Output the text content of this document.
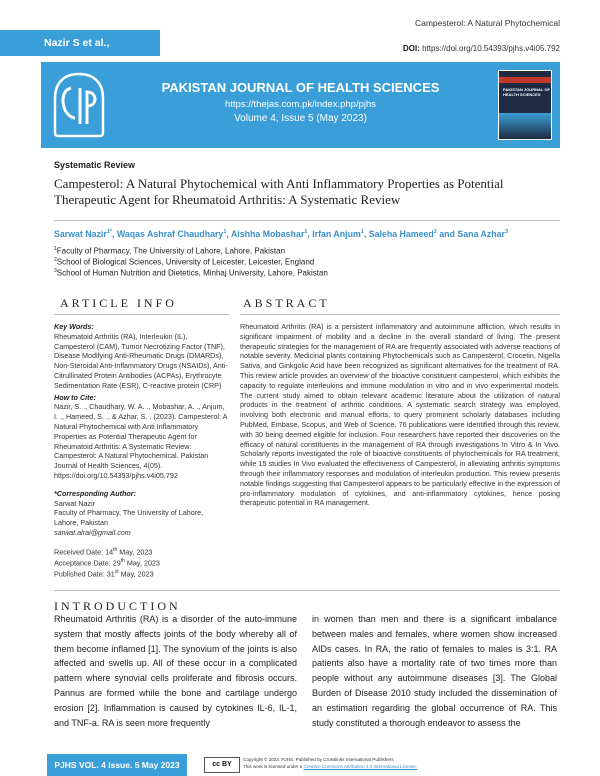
Nazir S et al.,
Campesterol: A Natural Phytochemical
DOI: https://doi.org/10.54393/pjhs.v4i05.792
PAKISTAN JOURNAL OF HEALTH SCIENCES
https://thejas.com.pk/index.php/pjhs
Volume 4, Issue 5 (May 2023)
PAKISTAN JOURNAL OF HEALTH SCIENCES
Systematic Review
Campesterol: A Natural Phytochemical with Anti Inflammatory Properties as Potential Therapeutic Agent for Rheumatoid Arthritis: A Systematic Review
Sarwat Nazir$^{1*}$, Waqas Ashraf Chaudhary$^1$, Aishha Mobashar$^1$, Irfan Anjum$^1$, Saleha Hameed$^2$ and Sana Azhar$^3$
$^1$Faculty of Pharmacy, The University of Lahore, Lahore, Pakistan
$^2$School of Biological Sciences, University of Leicester, Leicester, England
$^3$School of Human Nutrition and Dietetics, Minhaj University, Lahore, Pakistan
ARTICLE INFO	ABSTRACT
Key Words:
Rheumatoid Arthritis (RA), Interleukin (IL), Campesterol (CAM), Tumor Necrotizing Factor (TNF), Disease Modifying Anti-Rheumatic Drugs (DMARDs), Non-Steroidal Anti-Inflammatory Drugs (NSAIDs), Anti-Citrullinated Protein Antibodies (ACPAs), Erythrocyte Sedimentation Rate (ESR), C-reactive protein (CRP)
How to Cite:
Nazir, S. ., Chaudhary, W. A. ., Mobashar, A. ., Anjum, I. ., Hameed, S. ., & Azhar, S. . (2023). Campesterol: A Natural Phytochemical with Anti Inflammatory Properties as Potential Therapeutic Agent for Rheumatoid Arthritis: A Systematic Review: Campesterol: A Natural Phytochemical. Pakistan Journal of Health Sciences, 4(05). https://doi.org/10.54393/pjhs.v4i05.792
*Corresponding Author:
Sarwat Nazir
Faculty of Pharmacy, The University of Lahore, Lahore, Pakistan
sarwat.alrai@gmail.com
Received Date: 14th May, 2023
Acceptance Date: 29th May, 2023
Published Date: 31st May, 2023
Rheumatoid Arthritis (RA) is a persistent inflammatory and autoimmune affliction, which results in significant impairment of mobility and a decline in the overall standard of living. The present therapeutic strategies for the management of RA are frequently associated with adverse reactions of notable severity. Medicinal plants containing Phytochemicals such as Campesterol, Crocetin, Nigella Sativa, and Ginkgolic Acid have been recognized as significant alternatives for the treatment of RA. This review article provides an overview of the bioactive constituent campesterol, which exhibits the capacity to regulate interleukins and immune modulation in vitro and in vivo experimental models. The current study aimed to obtain relevant academic literature about the utilization of natural products in the treatment of arthritic conditions. A systematic search strategy was employed, involving both electronic and manual efforts, to query prominent scholarly databases including PubMed, Embase, Scopus, and Web of Science. 76 publications were identified through this review, with 30 being deemed eligible for inclusion. Four researchers have reported their discoveries on the efficacy of natural constituents in the management of RA through investigations In Vitro & In Vivo. Scholarly reports investigated the role of bioactive constituents of phytochemicals for RA treatment, while 15 studies In Vivo evaluated the effectiveness of Campesterol, in alleviating arthritis symptoms through their inflammatory responses and modulation of interleukin production. This review presents notable findings suggesting that Campesterol appears to be particularly effective in the expression of pro-inflammatory modulation of cytokines, and anti-inflammatory cytokines, hence posing therapeutic potential in RA management.
INTRODUCTION
Rheumatoid Arthritis (RA) is a disorder of the auto-immune system that mostly affects joints of the body whereby all of them become inflamed [1]. The synovium of the joints is also affected and swells up. All of these occur in a complicated pattern where synovial cells proliferate and fibrosis occurs. Pannus are formed while the bone and cartilage undergo erosion [2]. Inflammation is caused by cytokines IL-6, IL-1, and TNF-a. RA is seen more frequently
in women than men and there is a significant imbalance between males and females, where women show increased AIDs cases. In RA, the ratio of females to males is 3:1. RA patients also have a mortality rate of two times more than people without any autoimmune diseases [3]. The Global Burden of Disease 2010 study included the dissemination of an estimation regarding the global occurrence of RA. This study constituted a thorough endeavor to assess the
PJHS VOL. 4 Issue. 5 May 2023	cc BY
Copyright © 2023. PJHS, Published by Crosslinks International Publishers
This work is licensed under a Creative Commons Attribution 4.0 International License.
